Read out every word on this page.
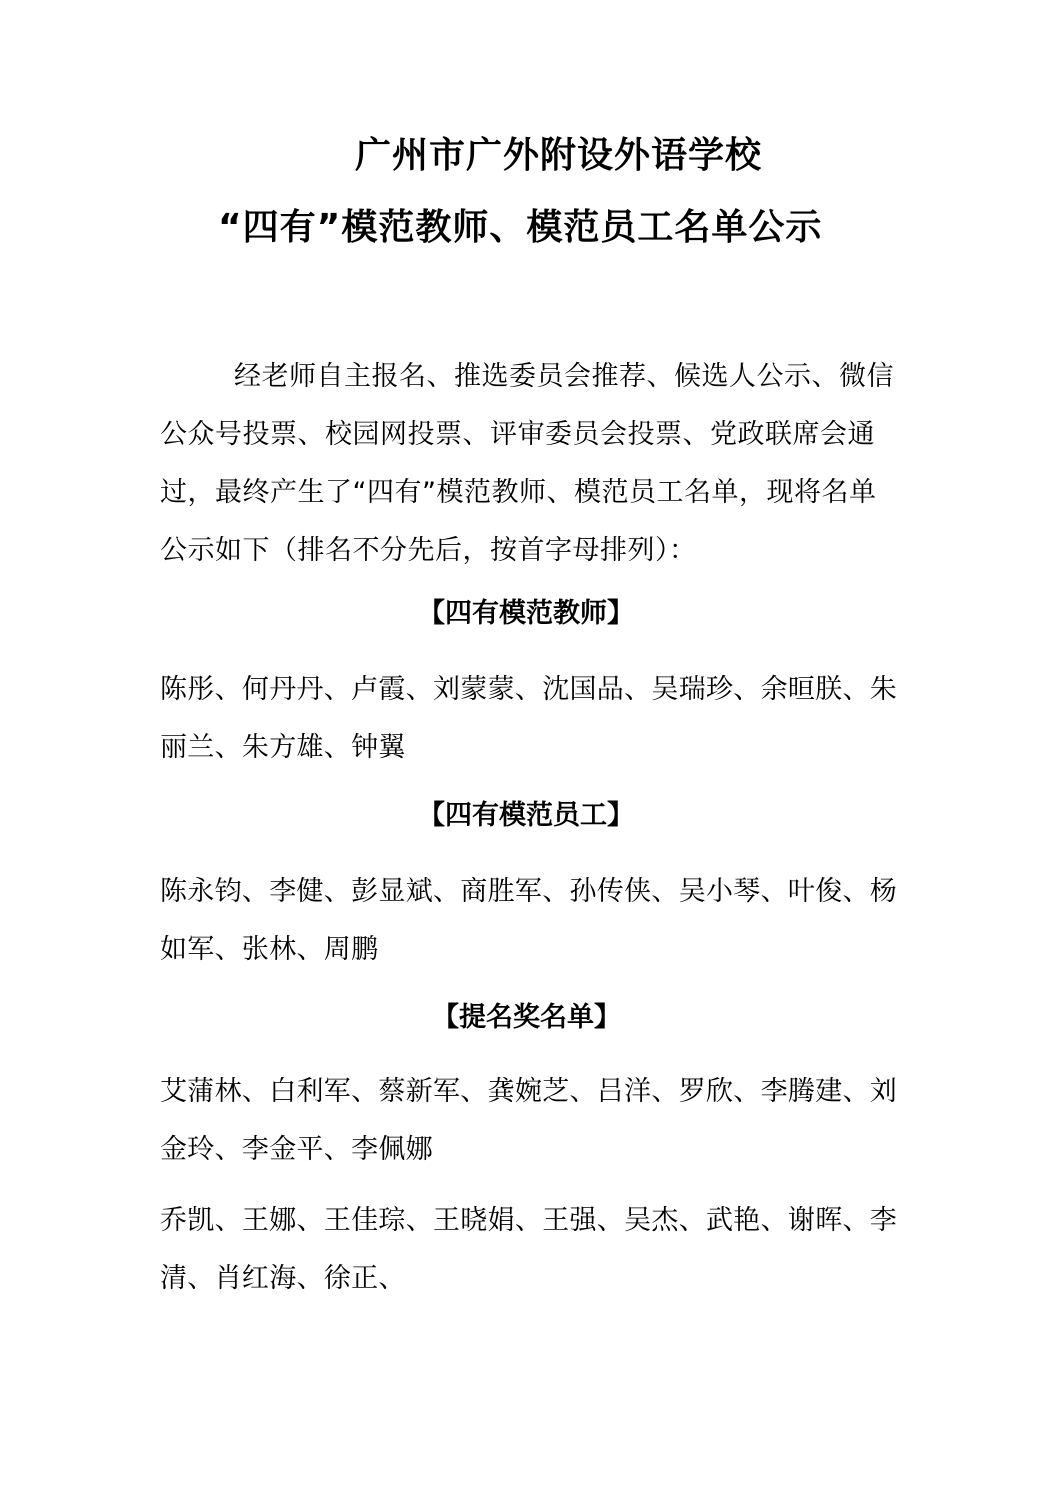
广州市广外附设外语学校
“四有”模范教师、模范员工名单公示

经老师自主报名、推选委员会推荐、候选人公示、微信公众号投票、校园网投票、评审委员会投票、党政联席会通过，最终产生了“四有”模范教师、模范员工名单，现将名单公示如下（排名不分先后，按首字母排列）：

【四有模范教师】

陈彤、何丹丹、卢霞、刘蒙蒙、沈国品、吴瑞珍、余晅朕、朱丽兰、朱方雄、钟翼

【四有模范员工】

陈永钧、李健、彭显斌、商胜军、孙传侠、吴小琴、叶俊、杨如军、张林、周鹏

【提名奖名单】

艾蒲林、白利军、蔡新军、龚婉芝、吕洋、罗欣、李腾建、刘金玲、李金平、李佩娜

乔凯、王娜、王佳琮、王晓娟、王强、吴杰、武艳、谢晖、李清、肖红海、徐正、
